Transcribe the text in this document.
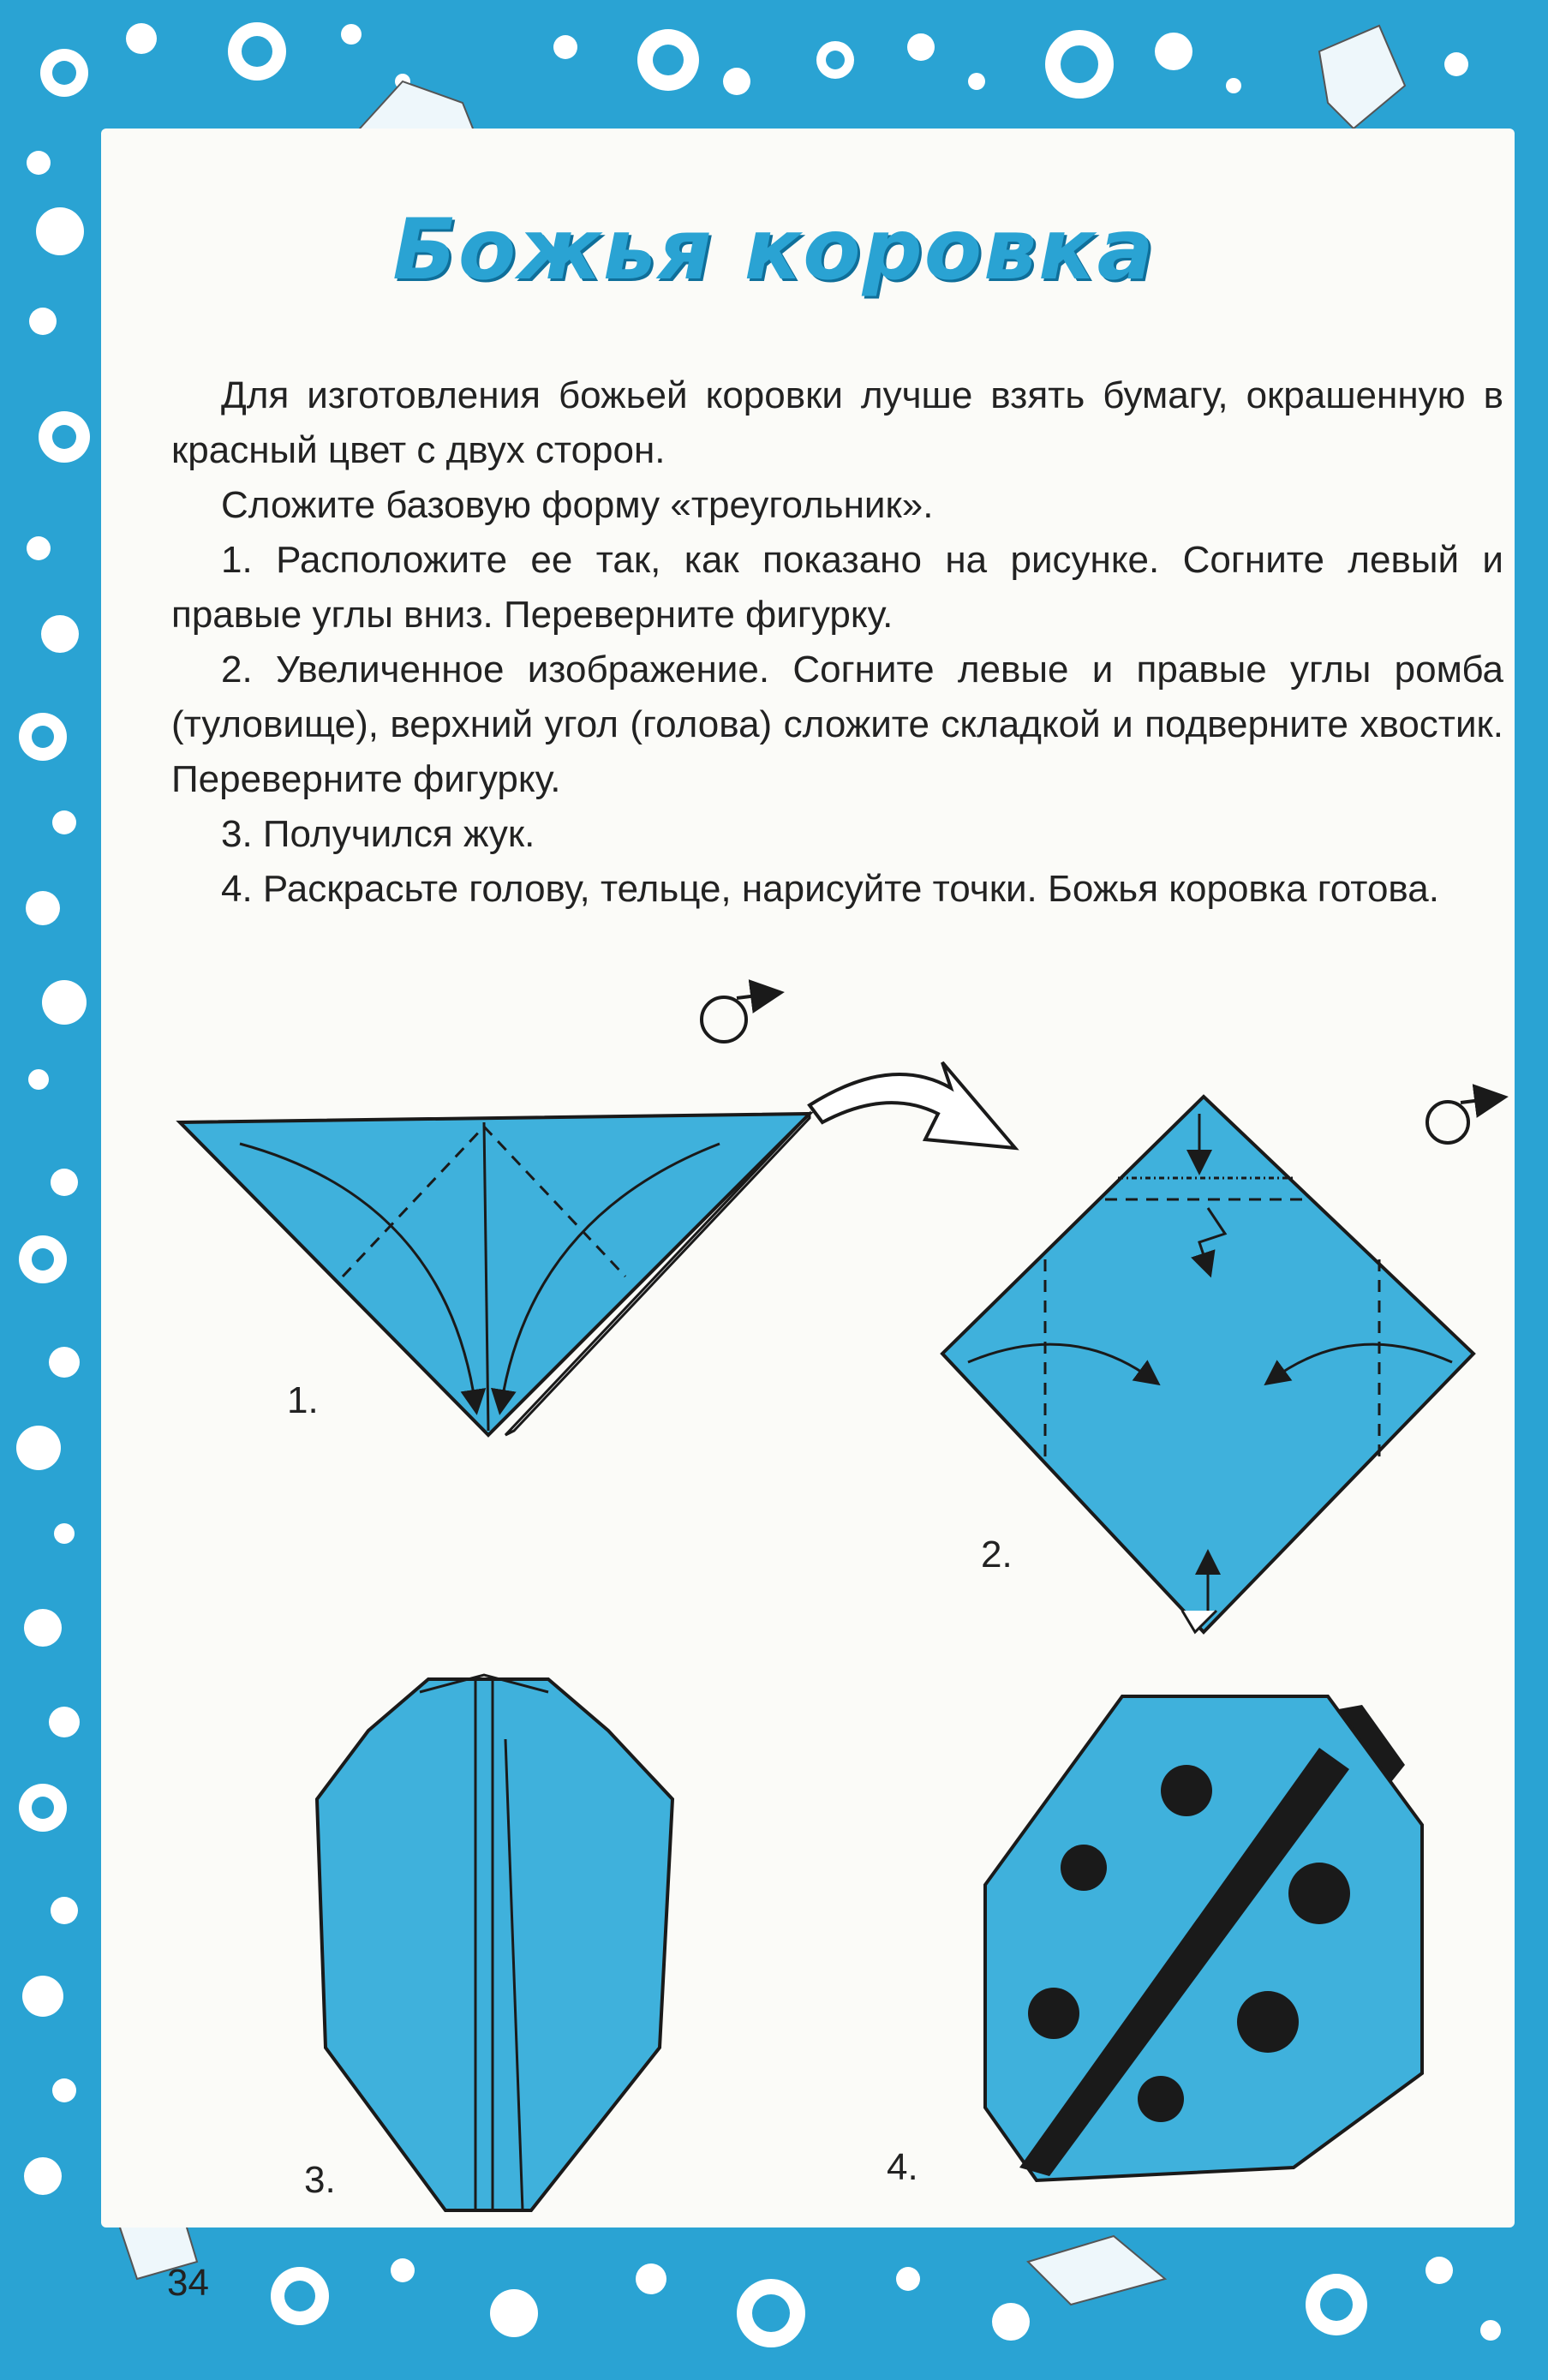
Божья коровка

Для изготовления божьей коровки лучше взять бумагу, окрашенную в красный цвет с двух сторон.

Сложите базовую форму «треугольник».

1. Расположите ее так, как показано на рисунке. Согните левый и правые углы вниз. Переверните фигурку.

2. Увеличенное изображение. Согните левые и правые углы ромба (туловище), верхний угол (голова) сложите складкой и подверните хвостик. Переверните фигурку.

3. Получился жук.

4. Раскрасьте голову, тельце, нарисуйте точки. Божья коровка готова.

1.
2.
3.	4.
34
